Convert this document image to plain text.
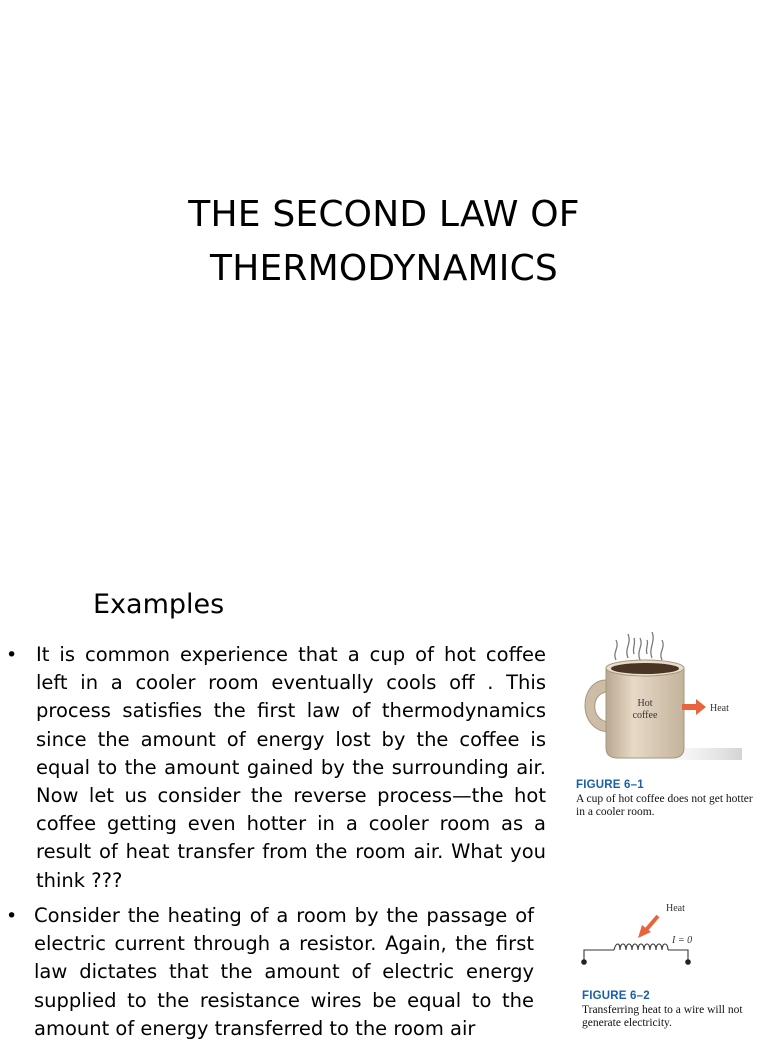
THE SECOND LAW OF
THERMODYNAMICS
Examples
• It is common experience that a cup of hot coffee left in a cooler room eventually cools off . This process satisfies the first law of thermodynamics since the amount of energy lost by the coffee is equal to the amount gained by the surrounding air. Now let us consider the reverse process—the hot coffee getting even hotter in a cooler room as a result of heat transfer from the room air. What you think ???
• Consider the heating of a room by the passage of electric current through a resistor. Again, the first law dictates that the amount of electric energy supplied to the resistance wires be equal to the amount of energy transferred to the room air
Hot
coffee
Heat
FIGURE 6–1
A cup of hot coffee does not get hotter in a cooler room.
Heat
I = 0
FIGURE 6–2
Transferring heat to a wire will not generate electricity.
